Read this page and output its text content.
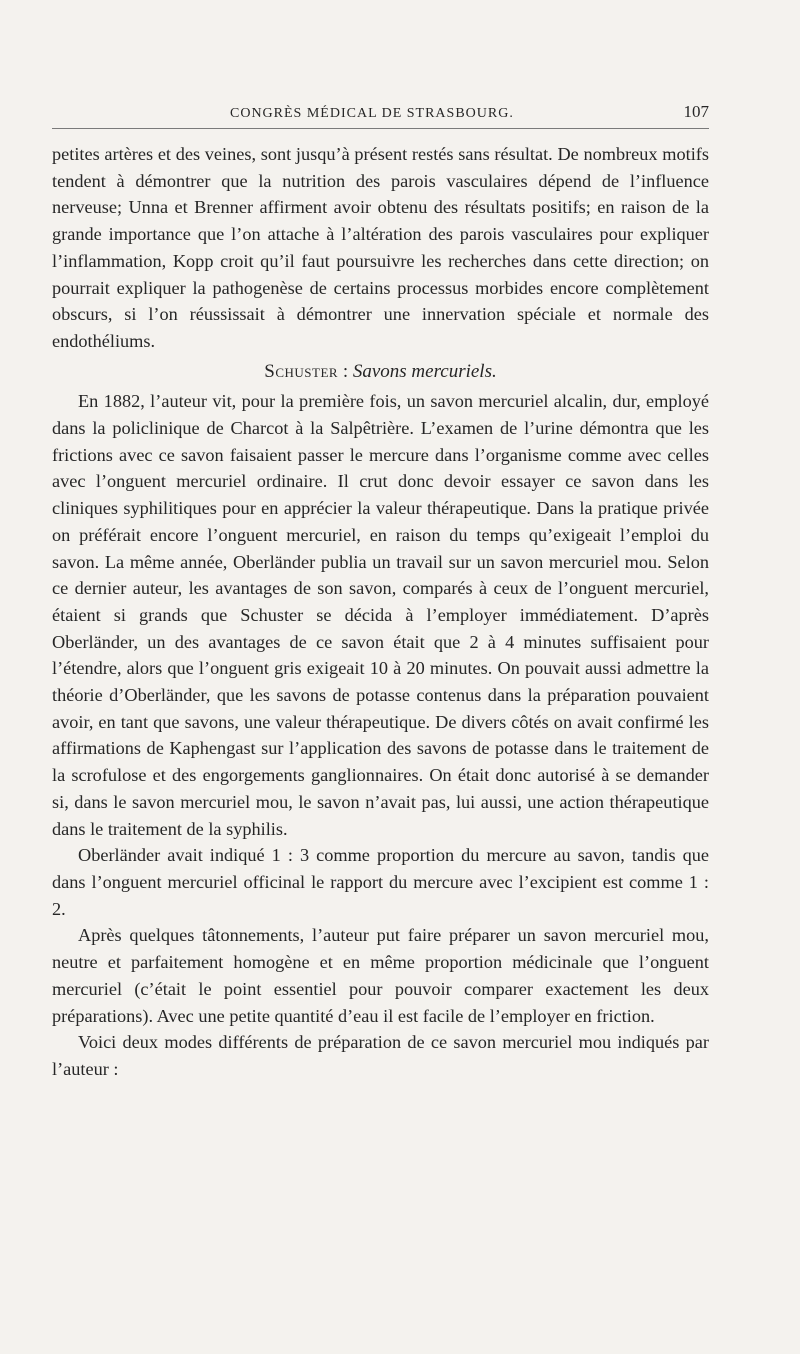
CONGRÈS MÉDICAL DE STRASBOURG.	107

petites artères et des veines, sont jusqu’à présent restés sans résultat. De nombreux motifs tendent à démontrer que la nutrition des parois vasculaires dépend de l’influence nerveuse; Unna et Brenner affirment avoir obtenu des résultats positifs; en raison de la grande importance que l’on attache à l’altération des parois vasculaires pour expliquer l’inflammation, Kopp croit qu’il faut poursuivre les recherches dans cette direction; on pourrait expliquer la pathogenèse de certains processus morbides encore complètement obscurs, si l’on réussissait à démontrer une innervation spéciale et normale des endothéliums.

Schuster : Savons mercuriels.

En 1882, l’auteur vit, pour la première fois, un savon mercuriel alcalin, dur, employé dans la policlinique de Charcot à la Salpêtrière. L’examen de l’urine démontra que les frictions avec ce savon faisaient passer le mercure dans l’organisme comme avec celles avec l’onguent mercuriel ordinaire. Il crut donc devoir essayer ce savon dans les cliniques syphilitiques pour en apprécier la valeur thérapeutique. Dans la pratique privée on préférait encore l’onguent mercuriel, en raison du temps qu’exigeait l’emploi du savon. La même année, Oberländer publia un travail sur un savon mercuriel mou. Selon ce dernier auteur, les avantages de son savon, comparés à ceux de l’onguent mercuriel, étaient si grands que Schuster se décida à l’employer immédiatement. D’après Oberländer, un des avantages de ce savon était que 2 à 4 minutes suffisaient pour l’étendre, alors que l’onguent gris exigeait 10 à 20 minutes. On pouvait aussi admettre la théorie d’Oberländer, que les savons de potasse contenus dans la préparation pouvaient avoir, en tant que savons, une valeur thérapeutique. De divers côtés on avait confirmé les affirmations de Kaphengast sur l’application des savons de potasse dans le traitement de la scrofulose et des engorgements ganglionnaires. On était donc autorisé à se demander si, dans le savon mercuriel mou, le savon n’avait pas, lui aussi, une action thérapeutique dans le traitement de la syphilis.

Oberländer avait indiqué 1 : 3 comme proportion du mercure au savon, tandis que dans l’onguent mercuriel officinal le rapport du mercure avec l’excipient est comme 1 : 2.

Après quelques tâtonnements, l’auteur put faire préparer un savon mercuriel mou, neutre et parfaitement homogène et en même proportion médicinale que l’onguent mercuriel (c’était le point essentiel pour pouvoir comparer exactement les deux préparations). Avec une petite quantité d’eau il est facile de l’employer en friction.

Voici deux modes différents de préparation de ce savon mercuriel mou indiqués par l’auteur :
